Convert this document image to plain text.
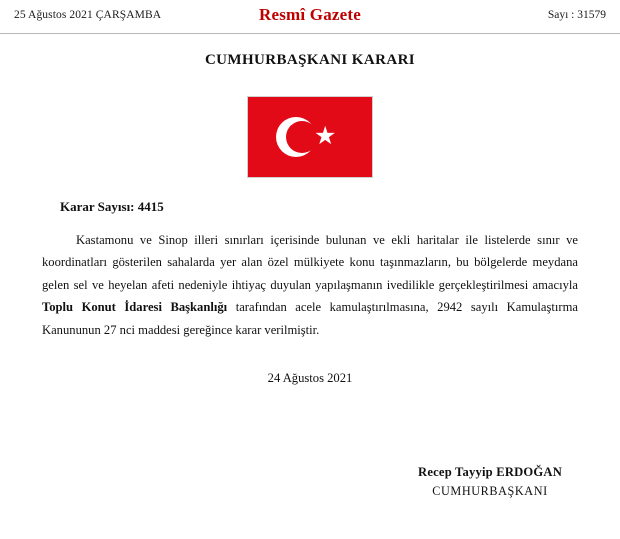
25 Ağustos 2021 ÇARŞAMBA	Resmî Gazete	Sayı : 31579
CUMHURBAŞKANI KARARI
★
Karar Sayısı: 4415

Kastamonu ve Sinop illeri sınırları içerisinde bulunan ve ekli haritalar ile listelerde sınır ve koordinatları gösterilen sahalarda yer alan özel mülkiyete konu taşınmazların, bu bölgelerde meydana gelen sel ve heyelan afeti nedeniyle ihtiyaç duyulan yapılaşmanın ivedilikle gerçekleştirilmesi amacıyla Toplu Konut İdaresi Başkanlığı tarafından acele kamulaştırılmasına, 2942 sayılı Kamulaştırma Kanununun 27 nci maddesi gereğince karar verilmiştir.

24 Ağustos 2021
Recep Tayyip ERDOĞAN
CUMHURBAŞKANI
